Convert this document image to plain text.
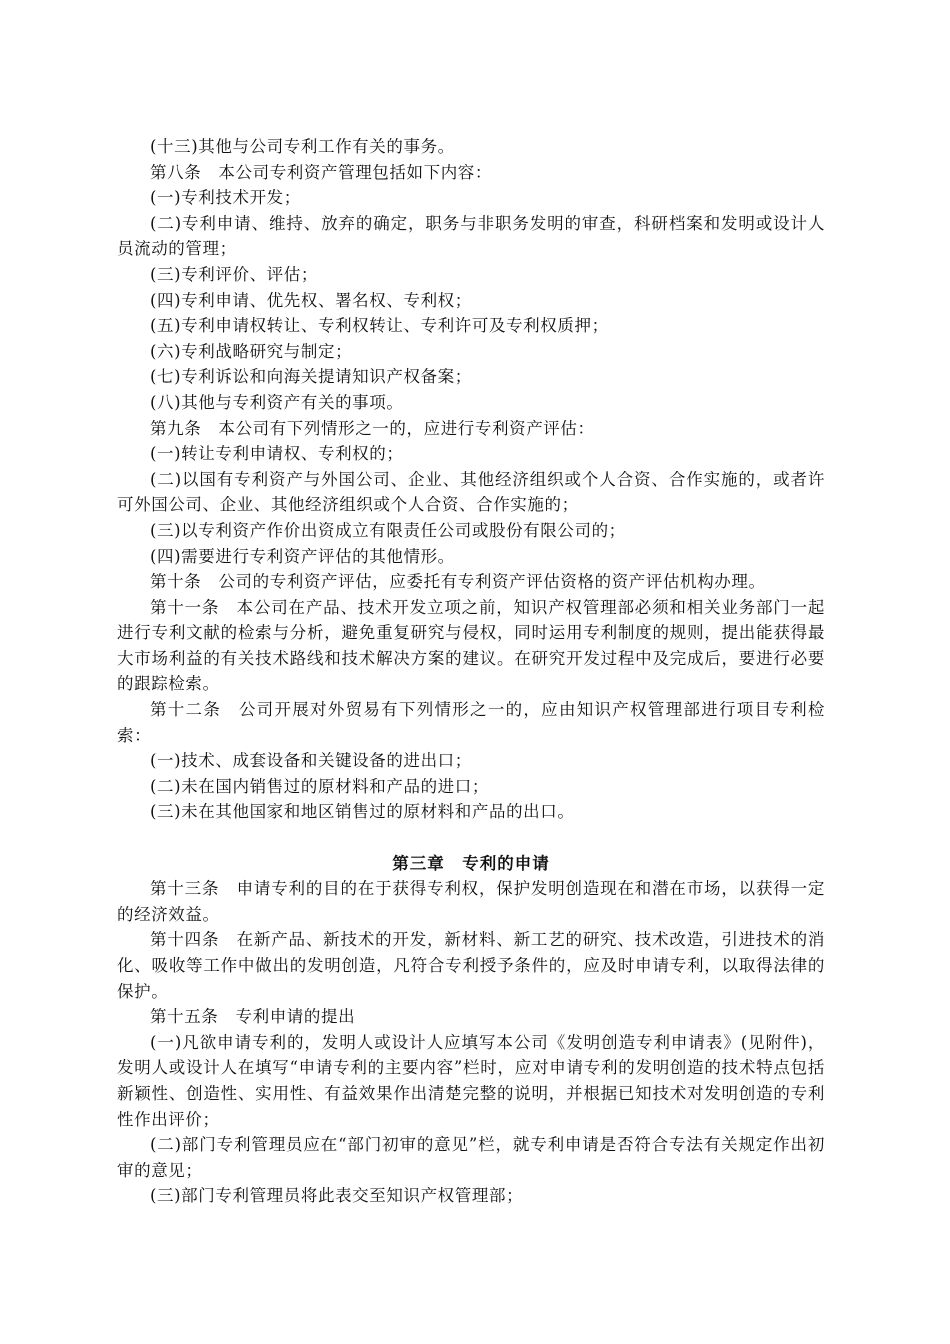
(十三)其他与公司专利工作有关的事务。

第八条　本公司专利资产管理包括如下内容：

(一)专利技术开发；

(二)专利申请、维持、放弃的确定，职务与非职务发明的审查，科研档案和发明或设计人员流动的管理；

(三)专利评价、评估；

(四)专利申请、优先权、署名权、专利权；

(五)专利申请权转让、专利权转让、专利许可及专利权质押；

(六)专利战略研究与制定；

(七)专利诉讼和向海关提请知识产权备案；

(八)其他与专利资产有关的事项。

第九条　本公司有下列情形之一的，应进行专利资产评估：

(一)转让专利申请权、专利权的；

(二)以国有专利资产与外国公司、企业、其他经济组织或个人合资、合作实施的，或者许可外国公司、企业、其他经济组织或个人合资、合作实施的；

(三)以专利资产作价出资成立有限责任公司或股份有限公司的；

(四)需要进行专利资产评估的其他情形。

第十条　公司的专利资产评估，应委托有专利资产评估资格的资产评估机构办理。

第十一条　本公司在产品、技术开发立项之前，知识产权管理部必须和相关业务部门一起进行专利文献的检索与分析，避免重复研究与侵权，同时运用专利制度的规则，提出能获得最大市场利益的有关技术路线和技术解决方案的建议。在研究开发过程中及完成后，要进行必要的跟踪检索。

第十二条　公司开展对外贸易有下列情形之一的，应由知识产权管理部进行项目专利检索：

(一)技术、成套设备和关键设备的进出口；

(二)未在国内销售过的原材料和产品的进口；

(三)未在其他国家和地区销售过的原材料和产品的出口。

第三章　专利的申请

第十三条　申请专利的目的在于获得专利权，保护发明创造现在和潜在市场，以获得一定的经济效益。

第十四条　在新产品、新技术的开发，新材料、新工艺的研究、技术改造，引进技术的消化、吸收等工作中做出的发明创造，凡符合专利授予条件的，应及时申请专利，以取得法律的保护。

第十五条　专利申请的提出

(一)凡欲申请专利的，发明人或设计人应填写本公司《发明创造专利申请表》(见附件)，发明人或设计人在填写“申请专利的主要内容”栏时，应对申请专利的发明创造的技术特点包括新颖性、创造性、实用性、有益效果作出清楚完整的说明，并根据已知技术对发明创造的专利性作出评价；

(二)部门专利管理员应在“部门初审的意见”栏，就专利申请是否符合专法有关规定作出初审的意见；

(三)部门专利管理员将此表交至知识产权管理部；
